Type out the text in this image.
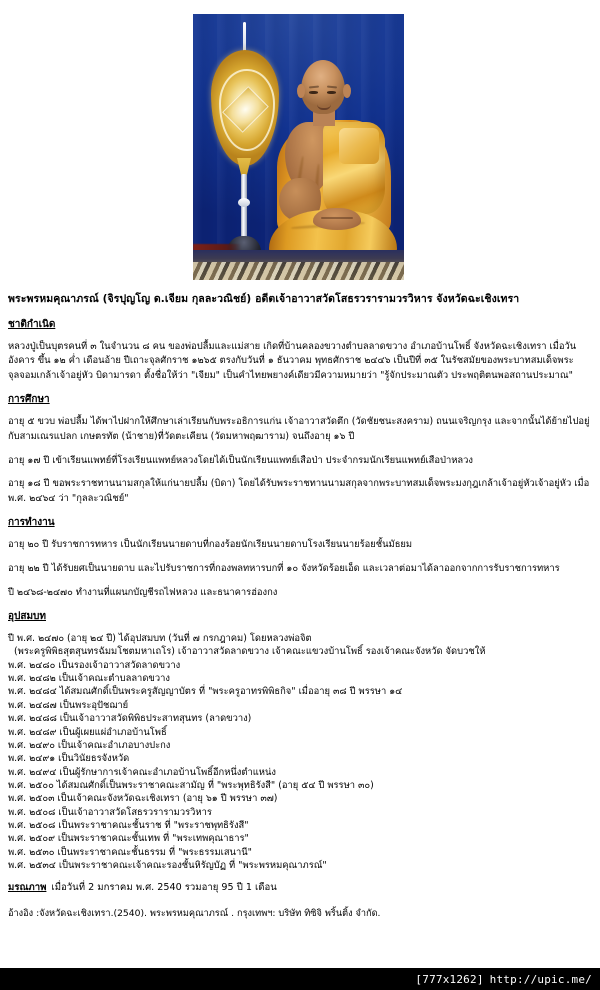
พระพรหมคุณาภรณ์ (จิรปุญโญ ด.เจียม กุลละวณิชย์) อดีตเจ้าอาวาสวัดโสธรวรารามวรวิหาร จังหวัดฉะเชิงเทรา
ชาติกำเนิด

หลวงปู่เป็นบุตรคนที่ ๓ ในจำนวน ๘ คน ของพ่อปลื้มและแม่สาย เกิดที่บ้านคลองขวางตำบลลาดขวาง อำเภอบ้านโพธิ์ จังหวัดฉะเชิงเทรา เมื่อวันอังคาร ขึ้น ๑๒ ค่ำ เดือนอ้าย ปีเถาะจุลศักราช ๑๒๖๕ ตรงกับวันที่ ๑ ธันวาคม พุทธศักราช ๒๔๔๖ เป็นปีที่ ๓๕ ในรัชสมัยของพระบาทสมเด็จพระจุลจอมเกล้าเจ้าอยู่หัว บิดามารดา ตั้งชื่อให้ว่า "เจียม" เป็นคำไทยพยางค์เดียวมีความหมายว่า "รู้จักประมาณตัว ประพฤติตนพอสถานประมาณ"

การศึกษา

อายุ ๕ ขวบ พ่อปลื้ม ได้พาไปฝากให้ศึกษาเล่าเรียนกับพระอธิการแก่น เจ้าอาวาสวัดตึก (วัดชัยชนะสงคราม) ถนนเจริญกรุง และจากนั้นได้ย้ายไปอยู่กับสามเณรแปลก เกษตรทัต (น้าชาย)ที่วัดตะเคียน (วัดมหาพฤฒาราม) จนถึงอายุ ๑๖ ปี

อายุ ๑๗ ปี เข้าเรียนแพทย์ที่โรงเรียนแพทย์หลวงโดยได้เป็นนักเรียนแพทย์เสือป่า ประจำกรมนักเรียนแพทย์เสือป่าหลวง

อายุ ๑๘ ปี ขอพระราชทานนามสกุลให้แก่นายปลื้ม (บิดา) โดยได้รับพระราชทานนามสกุลจากพระบาทสมเด็จพระมงกุฎเกล้าเจ้าอยู่หัวเจ้าอยู่หัว เมื่อ พ.ศ. ๒๔๖๔ ว่า "กุลละวณิชย์"

การทำงาน

อายุ ๒๐ ปี รับราชการทหาร เป็นนักเรียนนายดาบที่กองร้อยนักเรียนนายดาบโรงเรียนนายร้อยชั้นมัธยม

อายุ ๒๒ ปี ได้รับยศเป็นนายดาบ และไปรับราชการที่กองพลทหารบกที่ ๑๐ จังหวัดร้อยเอ็ด และเวลาต่อมาได้ลาออกจากการรับราชการทหาร

ปี ๒๔๖๘-๒๔๗๐ ทำงานที่แผนกบัญชีรถไฟหลวง และธนาคารฮ่องกง

อุปสมบท
ปี พ.ศ. ๒๔๗๐ (อายุ ๒๔ ปี) ได้อุปสมบท (วันที่ ๗ กรกฎาคม) โดยหลวงพ่อจิต
(พระครูพิพิธสุตสุนทรฉัมมโชตมหาเถโร) เจ้าอาวาสวัดลาดขวาง เจ้าคณะแขวงบ้านโพธิ์ รองเจ้าคณะจังหวัด จัดบวชให้
พ.ศ. ๒๔๘๐ เป็นรองเจ้าอาวาสวัดลาดขวาง
พ.ศ. ๒๔๘๒ เป็นเจ้าคณะตำบลลาดขวาง
พ.ศ. ๒๔๘๔ ได้สมณศักดิ์เป็นพระครูสัญญาบัตร ที่ "พระครูอาทรพิพิธกิจ" เมื่ออายุ ๓๘ ปี พรรษา ๑๔
พ.ศ. ๒๔๘๗ เป็นพระอุปัชฌาย์
พ.ศ. ๒๔๘๘ เป็นเจ้าอาวาสวัดพิพิธประสาทสุนทร (ลาดขวาง)
พ.ศ. ๒๔๘๙ เป็นผู้เผยแผ่อำเภอบ้านโพธิ์
พ.ศ. ๒๔๙๐ เป็นเจ้าคณะอำเภอบางปะกง
พ.ศ. ๒๔๙๑ เป็นวินัยธรจังหวัด
พ.ศ. ๒๔๙๔ เป็นผู้รักษาการเจ้าคณะอำเภอบ้านโพธิ์อีกหนึ่งตำแหน่ง
พ.ศ. ๒๕๐๐ ได้สมณศักดิ์เป็นพระราชาคณะสามัญ ที่ "พระพุทธิรังสี" (อายุ ๕๔ ปี พรรษา ๓๐)
พ.ศ. ๒๕๐๓ เป็นเจ้าคณะจังหวัดฉะเชิงเทรา (อายุ ๖๑ ปี พรรษา ๓๗)
พ.ศ. ๒๕๐๘ เป็นเจ้าอาวาสวัดโสธรวรารามวรวิหาร
พ.ศ. ๒๕๐๘ เป็นพระราชาคณะชั้นราช ที่ "พระราชพุทธิรังสี"
พ.ศ. ๒๕๐๙ เป็นพระราชาคณะชั้นเทพ ที่ "พระเทพคุณาธาร"
พ.ศ. ๒๕๓๐ เป็นพระราชาคณะชั้นธรรม ที่ "พระธรรมเสนานี"
พ.ศ. ๒๕๓๔ เป็นพระราชาคณะเจ้าคณะรองชั้นหิรัญบัฏ ที่ "พระพรหมคุณาภรณ์"

มรณภาพ เมื่อวันที่ 2 มกราคม พ.ศ. 2540 รวมอายุ 95 ปี 1 เดือน

อ้างอิง :จังหวัดฉะเชิงเทรา.(2540). พระพรหมคุณาภรณ์ . กรุงเทพฯ: บริษัท ทิซิจิ พริ้นติ้ง จำกัด.

[777x1262] http://upic.me/
